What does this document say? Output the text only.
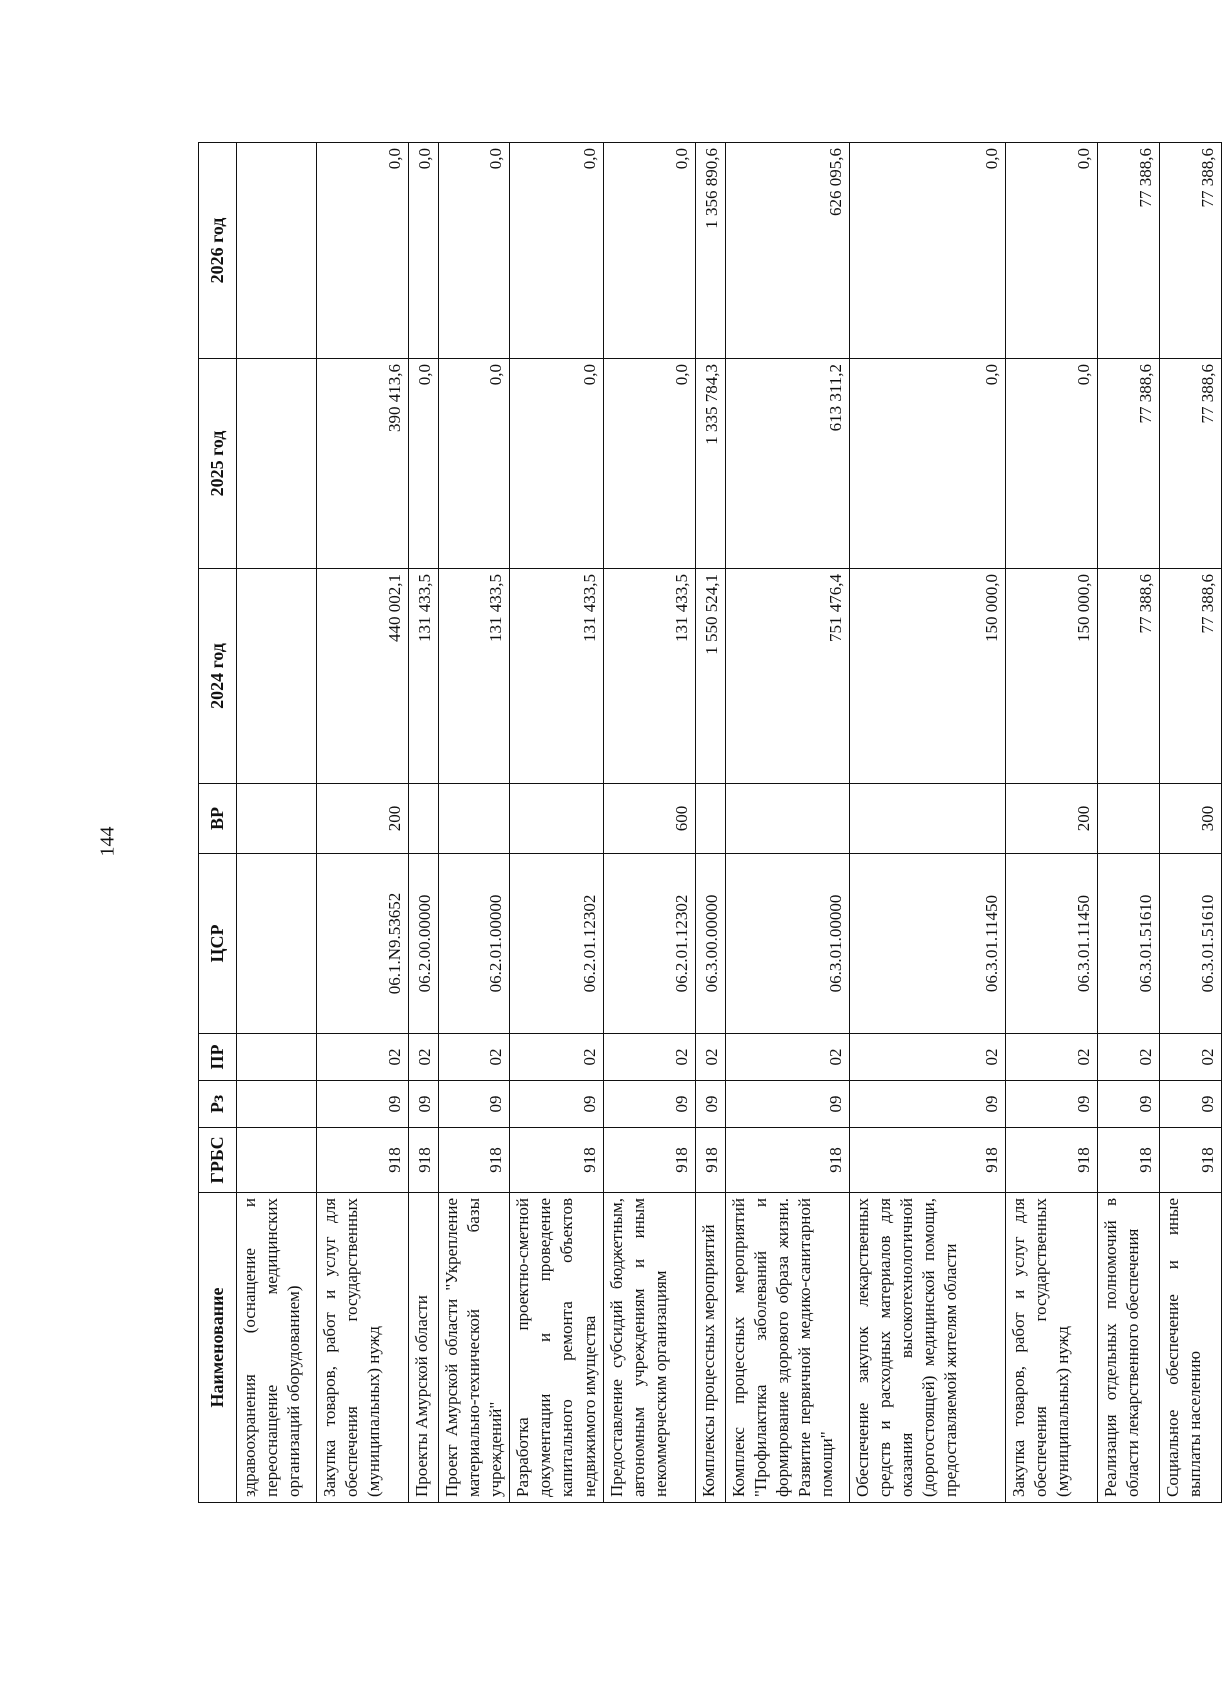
144
Наименование	ГРБС	Рз	ПР	ЦСР	ВР	2024 год	2025 год	2026 год
здравоохранения (оснащение и переоснащение медицинских организаций оборудованием)								
Закупка товаров, работ и услуг для обеспечения государственных (муниципальных) нужд	918	09	02	06.1.N9.53652	200	440 002,1	390 413,6	0,0
Проекты Амурской области	918	09	02	06.2.00.00000		131 433,5	0,0	0,0
Проект Амурской области "Укрепление материально-технической базы учреждений"	918	09	02	06.2.01.00000		131 433,5	0,0	0,0
Разработка проектно-сметной документации и проведение капитального ремонта объектов недвижимого имущества	918	09	02	06.2.01.12302		131 433,5	0,0	0,0
Предоставление субсидий бюджетным, автономным учреждениям и иным некоммерческим организациям	918	09	02	06.2.01.12302	600	131 433,5	0,0	0,0
Комплексы процессных мероприятий	918	09	02	06.3.00.00000		1 550 524,1	1 335 784,3	1 356 890,6
Комплекс процессных мероприятий "Профилактика заболеваний и формирование здорового образа жизни. Развитие первичной медико-санитарной помощи"	918	09	02	06.3.01.00000		751 476,4	613 311,2	626 095,6
Обеспечение закупок лекарственных средств и расходных материалов для оказания высокотехнологичной (дорогостоящей) медицинской помощи, предоставляемой жителям области	918	09	02	06.3.01.11450		150 000,0	0,0	0,0
Закупка товаров, работ и услуг для обеспечения государственных (муниципальных) нужд	918	09	02	06.3.01.11450	200	150 000,0	0,0	0,0
Реализация отдельных полномочий в области лекарственного обеспечения	918	09	02	06.3.01.51610		77 388,6	77 388,6	77 388,6
Социальное обеспечение и иные выплаты населению	918	09	02	06.3.01.51610	300	77 388,6	77 388,6	77 388,6
